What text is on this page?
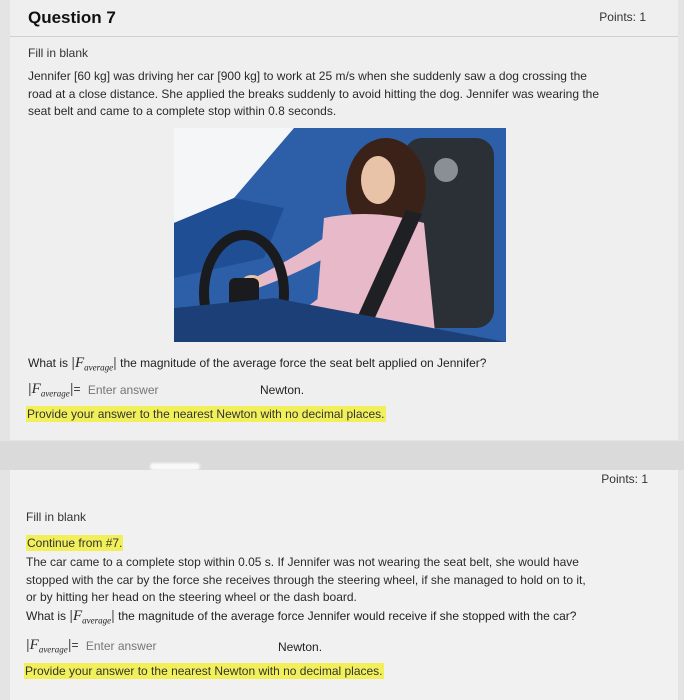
Question 7	Points: 1
Fill in blank
Jennifer [60 kg] was driving her car [900 kg] to work at 25 m/s when she suddenly saw a dog crossing the
road at a close distance. She applied the breaks suddenly to avoid hitting the dog. Jennifer was wearing the
seat belt and came to a complete stop within 0.8 seconds.
What is $|F_{average}|$ the magnitude of the average force the seat belt applied on Jennifer?
$|F_{average}|=$ Enter answer	Newton.
Provide your answer to the nearest Newton with no decimal places.
Points: 1
Fill in blank
Continue from #7.
The car came to a complete stop within 0.05 s. If Jennifer was not wearing the seat belt, she would have
stopped with the car by the force she receives through the steering wheel, if she managed to hold on to it,
or by hitting her head on the steering wheel or the dash board.
What is $|F_{average}|$ the magnitude of the average force Jennifer would receive if she stopped with the car?
$|F_{average}|=$ Enter answer	Newton.
Provide your answer to the nearest Newton with no decimal places.
